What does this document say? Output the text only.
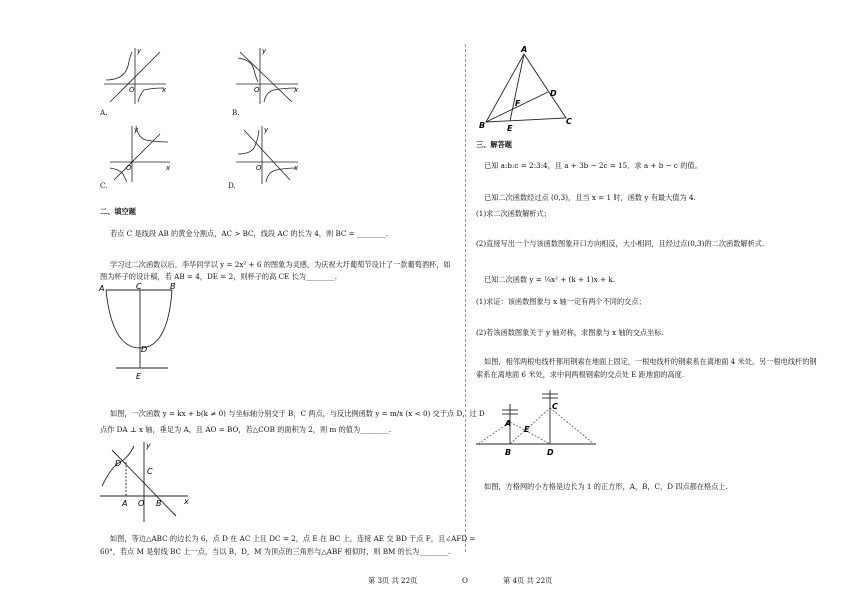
y
x
O
A.
y
x
O
B.
y
x
O
C.
y
x
O
D.
二、填空题
若点 C 是线段 AB 的黄金分割点，AC > BC，线段 AC 的长为 4，则 BC = ________.
学习过二次函数以后，李华同学以 y = 2x² + 6 的图象为灵感，为庆祝大圩葡萄节设计了一款葡萄酒杯，如
图为杯子的设计稿，若 AB = 4，DE = 2，则杯子的高 CE 长为________.
A	C	B
D
E
如图，一次函数 y = kx + b(k ≠ 0) 与坐标轴分别交于 B，C 两点，与反比例函数 y = m/x (x < 0) 交于点 D，过 D
点作 DA ⊥ x 轴，垂足为 A，且 AO = BO，若△COB 的面积为 2，则 m 的值为________.
y
x
D
C
A O B
如图，等边△ABC 的边长为 6，点 D 在 AC 上且 DC = 2，点 E 在 BC 上，连接 AE 交 BD 于点 F，且∠AFD =
60°，若点 M 是射线 BC 上一点，当以 B，D，M 为顶点的三角形与△ABF 相似时，则 BM 的长为________.
A
B	C
D
E
F
三、解答题
已知 a:b:c = 2:3:4，且 a + 3b − 2c = 15．求 a + b − c 的值。
已知二次函数经过点 (0,3)，且当 x = 1 时，函数 y 有最大值为 4.
(1)求二次函数解析式；
(2)直接写出一个与该函数图象开口方向相反，大小相同，且经过点(0,3)的二次函数解析式.
已知二次函数 y = ¼x² + (k + 1)x + k.
(1)求证：该函数图象与 x 轴一定有两个不同的交点；
(2)若该函数图象关于 y 轴对称，求图象与 x 轴的交点坐标.
如图，相邻两根电线杆都用钢索在地面上固定，一根电线杆的钢索系在离地面 4 米处，另一根电线杆的钢
索系在离地面 6 米处，求中间两根钢索的交点处 E 距地面的高度.
A
C
E
B	D
如图，方格网的小方格是边长为 1 的正方形，A，B，C，D 四点都在格点上.
第 3页 共 22页	O	第 4页 共 22页
